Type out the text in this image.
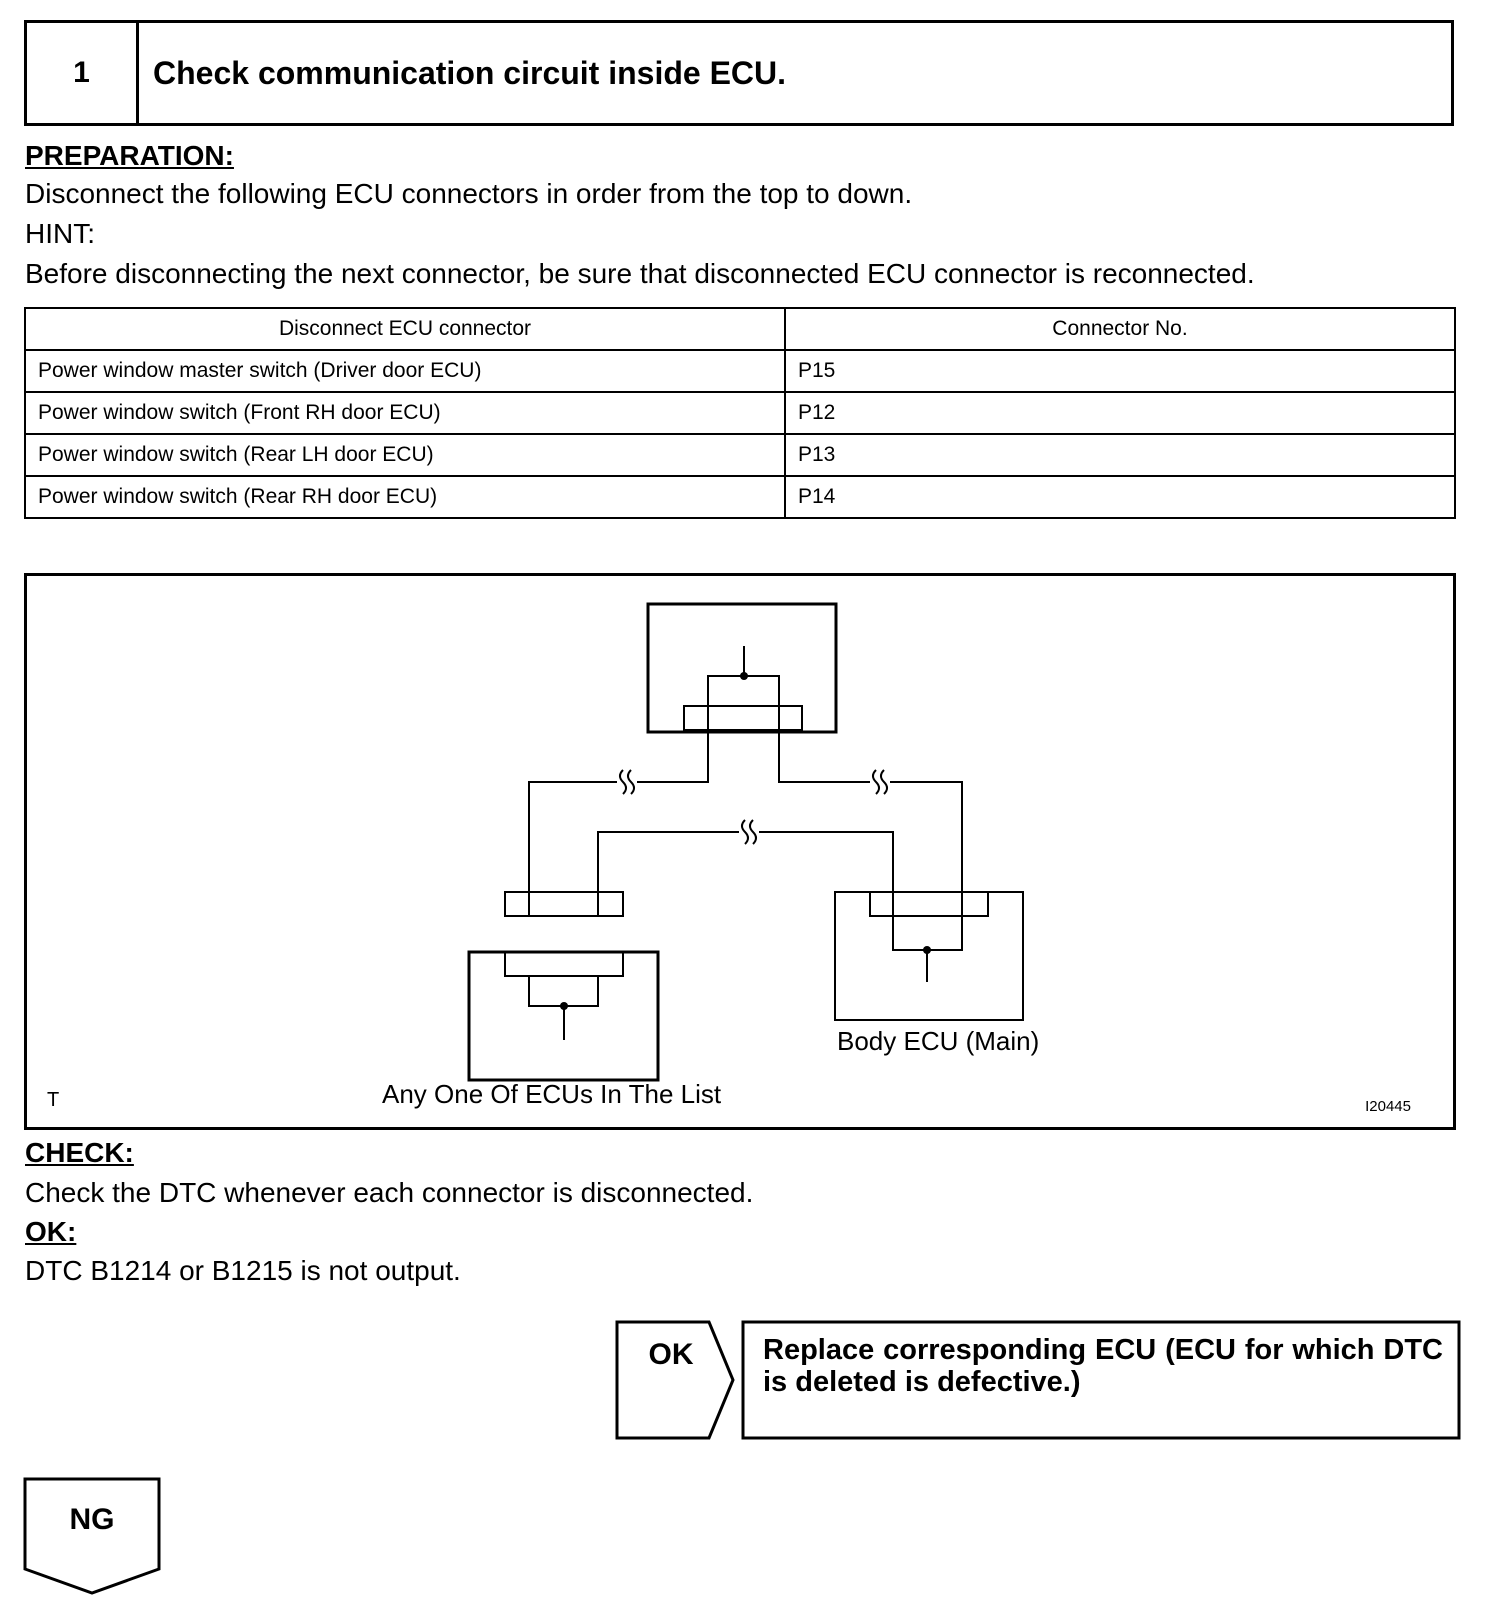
1	Check communication circuit inside ECU.
PREPARATION:
Disconnect the following ECU connectors in order from the top to down.
HINT:
Before disconnecting the next connector, be sure that disconnected ECU connector is reconnected.
Disconnect ECU connector	Connector No.
Power window master switch (Driver door ECU)	P15
Power window switch (Front RH door ECU)	P12
Power window switch (Rear LH door ECU)	P13
Power window switch (Rear RH door ECU)	P14
Body ECU (Main)
Any One Of ECUs In The List
T	I20445
CHECK:
Check the DTC whenever each connector is disconnected.
OK:
DTC B1214 or B1215 is not output.
OK Replace corresponding ECU (ECU for which DTC is deleted is defective.)
NG
